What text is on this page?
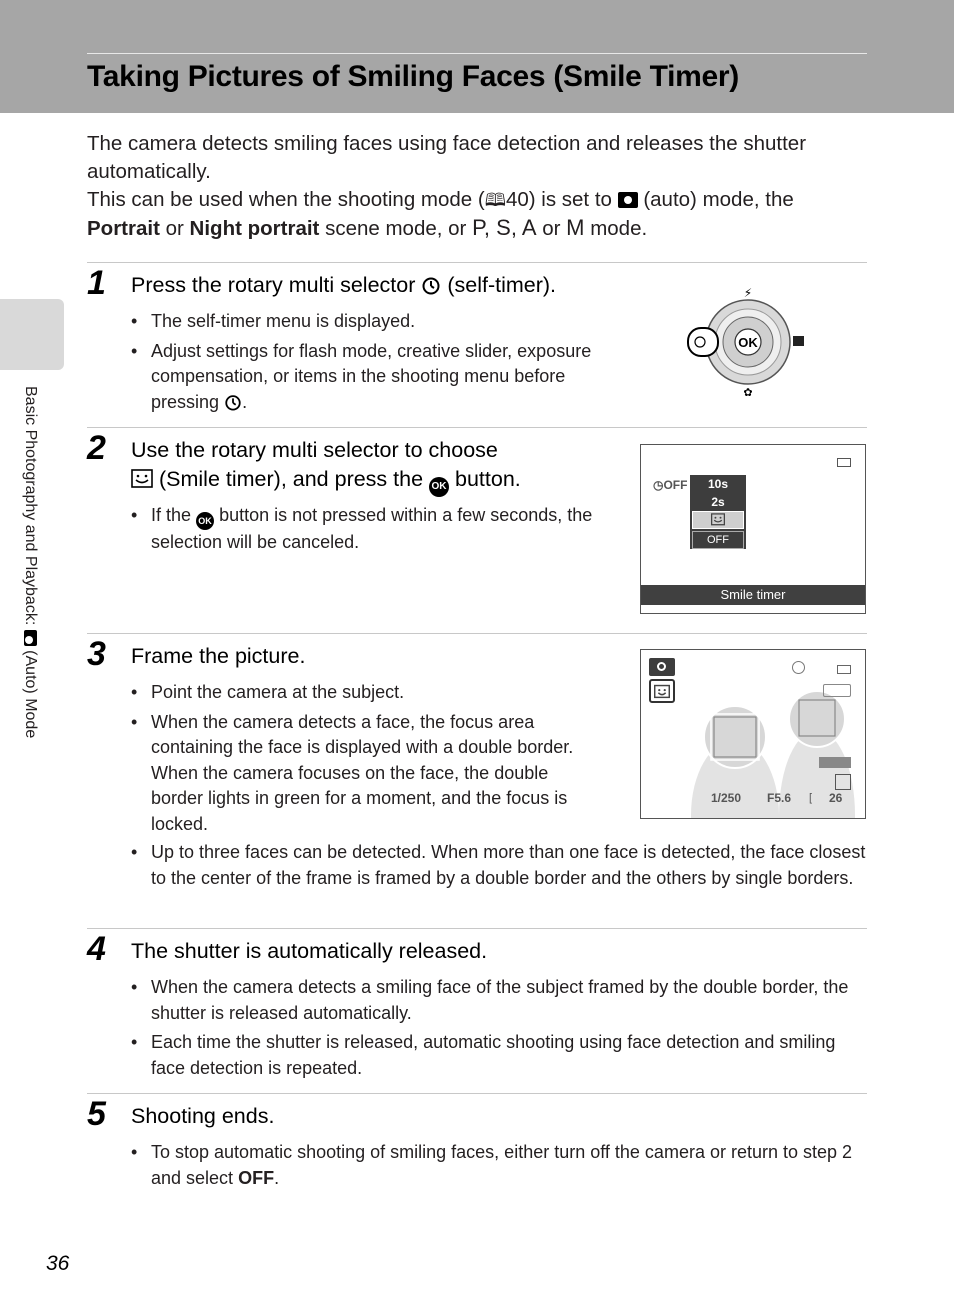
Taking Pictures of Smiling Faces (Smile Timer)
Basic Photography and Playback:  (Auto) Mode

The camera detects smiling faces using face detection and releases the shutter automatically.

This can be used when the shooting mode (🕮40) is set to (auto) mode, the
Portrait or Night portrait scene mode, or P, S, A or M mode.

1 Press the rotary multi selector (self-timer).
• The self-timer menu is displayed.
• Adjust settings for flash mode, creative slider, exposure compensation, or items in the shooting menu before pressing .
⚡
OK
✿
2 Use the rotary multi selector to choose
(Smile timer), and press the OK button.
• If the OK button is not pressed within a few seconds, the selection will be canceled.
◷OFF	10s
2s
OFF
Smile timer
3 Frame the picture.
• Point the camera at the subject.
• When the camera detects a face, the focus area containing the face is displayed with a double border. When the camera focuses on the face, the double border lights in green for a moment, and the focus is locked.
• Up to three faces can be detected. When more than one face is detected, the face closest to the center of the frame is framed by a double border and the others by single borders.
1/250 F5.6 [ 26
4 The shutter is automatically released.
• When the camera detects a smiling face of the subject framed by the double border, the shutter is released automatically.
• Each time the shutter is released, automatic shooting using face detection and smiling face detection is repeated.
5 Shooting ends.
• To stop automatic shooting of smiling faces, either turn off the camera or return to step 2 and select OFF.
36
